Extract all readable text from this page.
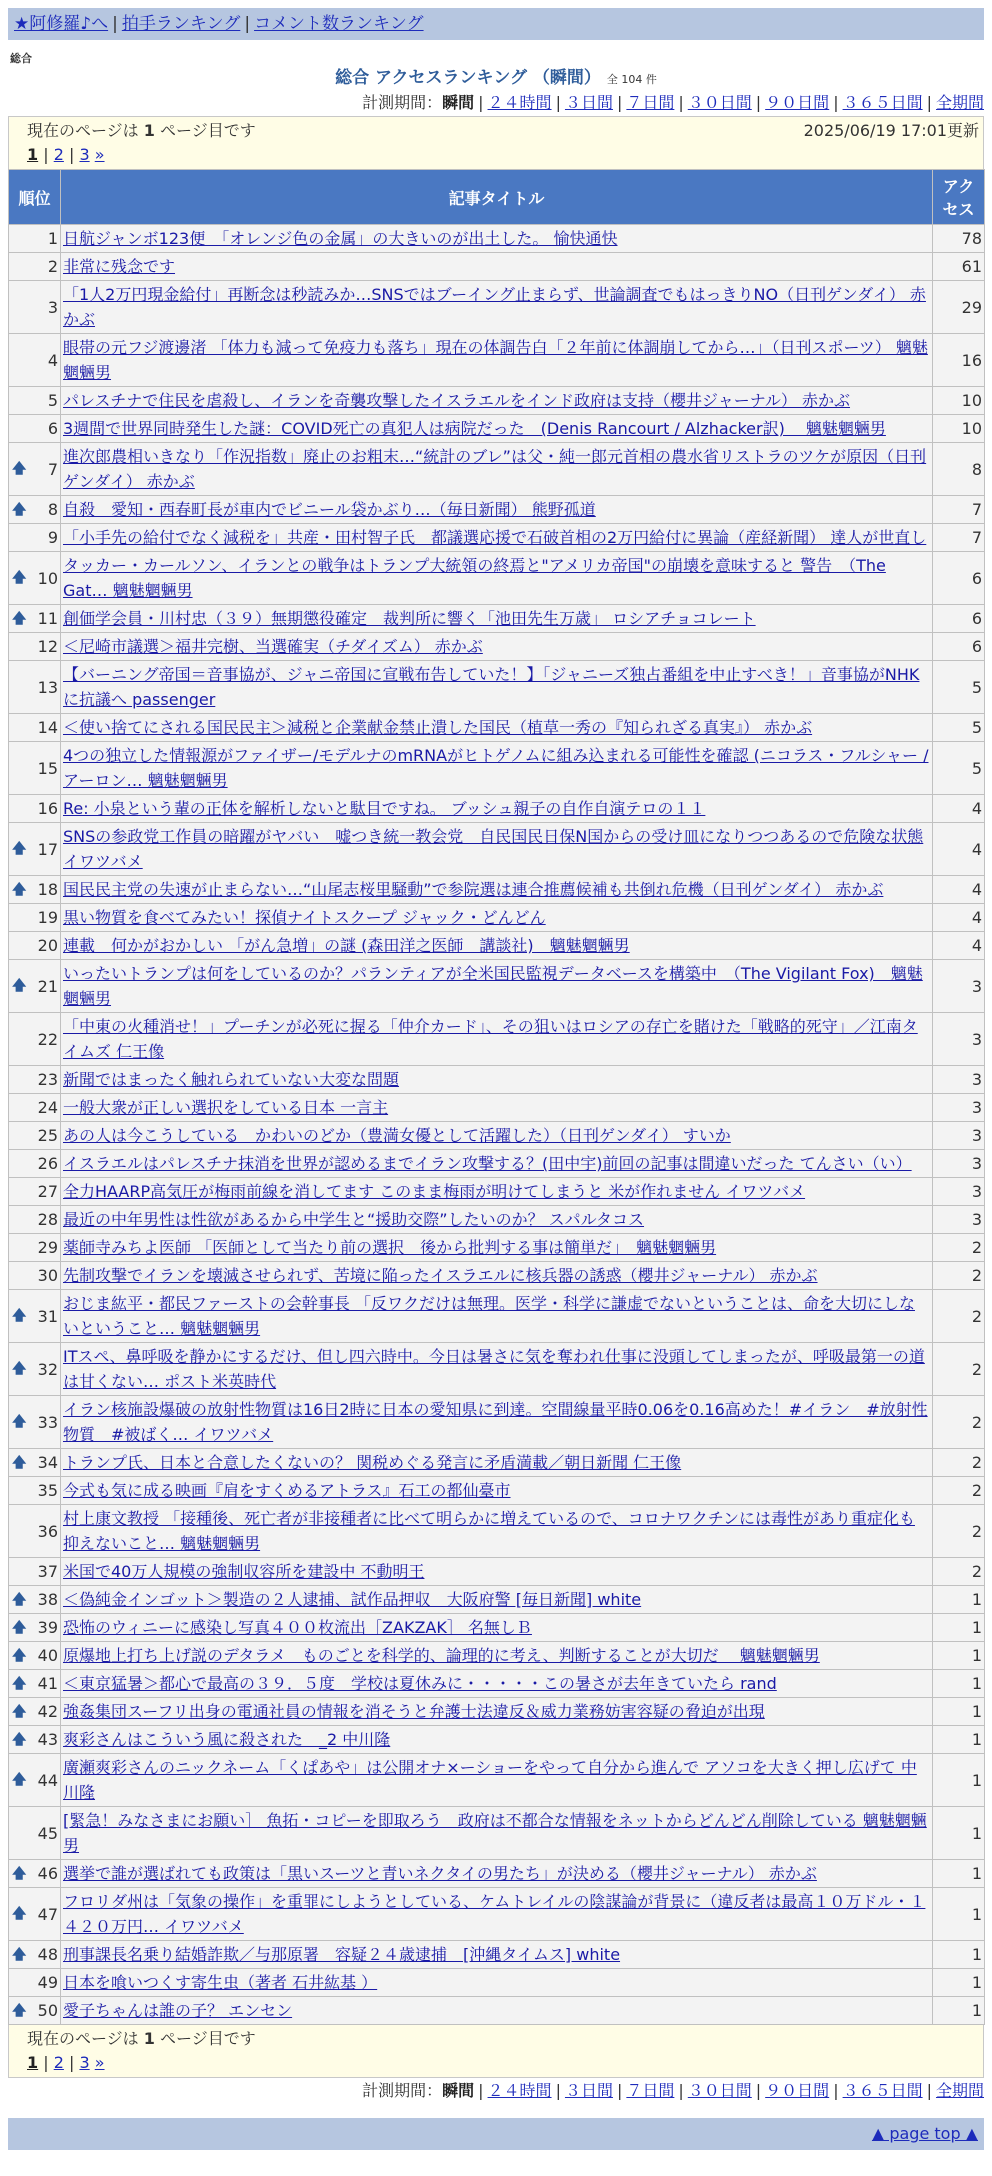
★阿修羅♪へ | 拍手ランキング | コメント数ランキング
総合
総合 アクセスランキング （瞬間） 全 104 件
計測期間：瞬間 | ２４時間 | ３日間 | ７日間 | ３０日間 | ９０日間 | ３６５日間 | 全期間
現在のページは 1 ページ目です	2025/06/19 17:01更新
1 | 2 | 3 »
順位	記事タイトル	アクセス
1	日航ジャンボ123便　「オレンジ色の金属」の大きいのが出土した。 愉快通快	78
2	非常に残念です	61
3	「1人2万円現金給付」再断念は秒読みか…SNSではブーイング止まらず、世論調査でもはっきりNO（日刊ゲンダイ） 赤かぶ	29
4	眼帯の元フジ渡邊渚 「体力も減って免疫力も落ち」現在の体調告白「２年前に体調崩してから…」（日刊スポーツ） 魑魅魍魎男	16
5	パレスチナで住民を虐殺し、イランを奇襲攻撃したイスラエルをインド政府は支持（櫻井ジャーナル） 赤かぶ	10
6	3週間で世界同時発生した謎：COVID死亡の真犯人は病院だった　(Denis Rancourt / Alzhacker訳)　 魑魅魍魎男	10

🡅 7	進次郎農相いきなり「作況指数」廃止のお粗末…“統計のブレ”は父・純一郎元首相の農水省リストラのツケが原因（日刊ゲンダイ） 赤かぶ	8

🡅 8	自殺　愛知・西春町長が車内でビニール袋かぶり…（毎日新聞） 熊野孤道	7
9	「小手先の給付でなく減税を」共産・田村智子氏　都議選応援で石破首相の2万円給付に異論（産経新聞） 達人が世直し	7

🡅 10	タッカー・カールソン、イランとの戦争はトランプ大統領の終焉と"アメリカ帝国"の崩壊を意味すると 警告　（The Gat… 魑魅魍魎男	6

🡅 11	創価学会員・川村忠（３９）無期懲役確定　裁判所に響く「池田先生万歳」 ロシアチョコレート	6
12	＜尼崎市議選＞福井完樹、当選確実（チダイズム） 赤かぶ	6
13	【バーニング帝国＝音事協が、ジャニ帝国に宣戦布告していた！】「ジャニーズ独占番組を中止すべき！」音事協がNHKに抗議へ passenger	5
14	＜使い捨てにされる国民民主＞減税と企業献金禁止潰した国民（植草一秀の『知られざる真実』） 赤かぶ	5
15	4つの独立した情報源がファイザー/モデルナのmRNAがヒトゲノムに組み込まれる可能性を確認 (ニコラス・フルシャー / アーロン… 魑魅魍魎男	5
16	Re: 小泉という輩の正体を解析しないと駄目ですね。 ブッシュ親子の自作自演テロの１１	4

🡅 17	SNSの参政党工作員の暗躍がヤバい　嘘つき統一教会党　自民国民日保N国からの受け皿になりつつあるので危険な状態 イワツバメ	4

🡅 18	国民民主党の失速が止まらない…“山尾志桜里騒動”で参院選は連合推薦候補も共倒れ危機（日刊ゲンダイ） 赤かぶ	4
19	黒い物質を食べてみたい！探偵ナイトスクープ ジャック・どんどん	4
20	連載　何かがおかしい 「がん急増」の謎 (森田洋之医師　講談社)　魑魅魍魎男	4

🡅 21	いったいトランプは何をしているのか？パランティアが全米国民監視データベースを構築中　（The Vigilant Fox)　魑魅魍魎男	3
22	「中東の火種消せ！」プーチンが必死に握る「仲介カード」、その狙いはロシアの存亡を賭けた「戦略的死守」／江南タイムズ 仁王像	3
23	新聞ではまったく触れられていない大変な問題	3
24	一般大衆が正しい選択をしている日本 一言主	3
25	あの人は今こうしている　かわいのどか（豊満女優として活躍した）（日刊ゲンダイ） すいか	3
26	イスラエルはパレスチナ抹消を世界が認めるまでイラン攻撃する？(田中宇)前回の記事は間違いだった てんさい（い）	3
27	全力HAARP高気圧が梅雨前線を消してます このまま梅雨が明けてしまうと 米が作れません イワツバメ	3
28	最近の中年男性は性欲があるから中学生と“援助交際”したいのか？ スパルタコス	3
29	薬師寺みちよ医師 「医師として当たり前の選択　後から批判する事は簡単だ」　魑魅魍魎男	2
30	先制攻撃でイランを壊滅させられず、苦境に陥ったイスラエルに核兵器の誘惑（櫻井ジャーナル） 赤かぶ	2

🡅 31	おじま紘平・都民ファーストの会幹事長 「反ワクだけは無理。医学・科学に謙虚でないということは、命を大切にしないということ… 魑魅魍魎男	2

🡅 32	ITスペ、鼻呼吸を静かにするだけ、但し四六時中。今日は暑さに気を奪われ仕事に没頭してしまったが、呼吸最第一の道は甘くない… ポスト米英時代	2

🡅 33	イラン核施設爆破の放射性物質は16日2時に日本の愛知県に到達。空間線量平時0.06を0.16高めた！#イラン　#放射性物質　#被ばく… イワツバメ	2

🡅 34	トランプ氏、日本と合意したくないの？ 関税めぐる発言に矛盾満載／朝日新聞 仁王像	2
35	今式も気に成る映画『肩をすくめるアトラス』石工の都仙臺市	2
36	村上康文教授 「接種後、死亡者が非接種者に比べて明らかに増えているので、コロナワクチンには毒性があり重症化も抑えないこと… 魑魅魍魎男	2
37	米国で40万人規模の強制収容所を建設中 不動明王	2

🡅 38	＜偽純金インゴット＞製造の２人逮捕、試作品押収　大阪府警 [毎日新聞] white	1

🡅 39	恐怖のウィニーに感染し写真４００枚流出［ZAKZAK］ 名無しＢ	1

🡅 40	原爆地上打ち上げ説のデタラメ　ものごとを科学的、論理的に考え、判断することが大切だ　 魑魅魍魎男	1

🡅 41	＜東京猛暑＞都心で最高の３９．５度　学校は夏休みに・・・・・この暑さが去年きていたら rand	1

🡅 42	強姦集団スーフリ出身の電通社員の情報を消そうと弁護士法違反＆威力業務妨害容疑の脅迫が出現	1

🡅 43	爽彩さんはこういう風に殺された　_2 中川隆	1

🡅 44	廣瀬爽彩さんのニックネーム「くぱあや」は公開オナ×ーショーをやって自分から進んで アソコを大きく押し広げて 中川隆	1
45	[緊急！みなさまにお願い］ 魚拓・コピーを即取ろう　政府は不都合な情報をネットからどんどん削除している 魑魅魍魎男	1

🡅 46	選挙で誰が選ばれても政策は「黒いスーツと青いネクタイの男たち」が決める（櫻井ジャーナル） 赤かぶ	1

🡅 47	フロリダ州は「気象の操作」を重罪にしようとしている、ケムトレイルの陰謀論が背景に（違反者は最高１０万ドル・１４２０万円… イワツバメ	1

🡅 48	刑事課長名乗り結婚詐欺／与那原署　容疑２４歳逮捕　[沖縄タイムス] white	1
49	日本を喰いつくす寄生虫（著者 石井紘基 ）	1

🡅 50	愛子ちゃんは誰の子？ エンセン	1
現在のページは 1 ページ目です
1 | 2 | 3 »
計測期間：瞬間 | ２４時間 | ３日間 | ７日間 | ３０日間 | ９０日間 | ３６５日間 | 全期間
▲ page top ▲
